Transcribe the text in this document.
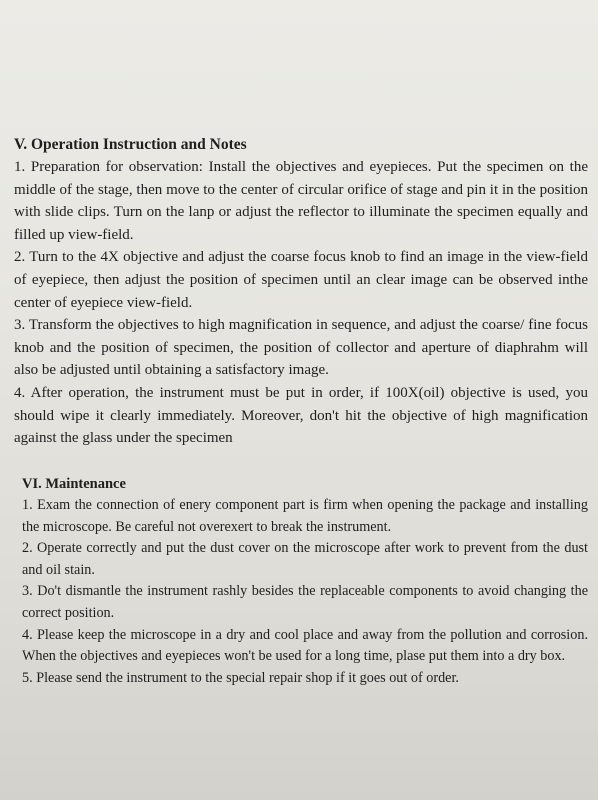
V. Operation Instruction and Notes

1. Preparation for observation: Install the objectives and eyepieces. Put the specimen on the middle of the stage, then move to the center of circular orifice of stage and pin it in the position with slide clips. Turn on the lanp or adjust the reflector to illuminate the specimen equally and filled up view-field.

2. Turn to the 4X objective and adjust the coarse focus knob to find an image in the view-field of eyepiece, then adjust the position of specimen until an clear image can be observed inthe center of eyepiece view-field.

3. Transform the objectives to high magnification in sequence, and adjust the coarse/ fine focus knob and the position of specimen, the position of collector and aperture of diaphrahm will also be adjusted until obtaining a satisfactory image.

4. After operation, the instrument must be put in order, if 100X(oil) objective is used, you should wipe it clearly immediately. Moreover, don't hit the objective of high magnification against the glass under the specimen

VI. Maintenance

1. Exam the connection of enery component part is firm when opening the package and installing the microscope. Be careful not overexert to break the instrument.

2. Operate correctly and put the dust cover on the microscope after work to prevent from the dust and oil stain.

3. Do't dismantle the instrument rashly besides the replaceable components to avoid changing the correct position.

4. Please keep the microscope in a dry and cool place and away from the pollution and corrosion. When the objectives and eyepieces won't be used for a long time, plase put them into a dry box.

5. Please send the instrument to the special repair shop if it goes out of order.
